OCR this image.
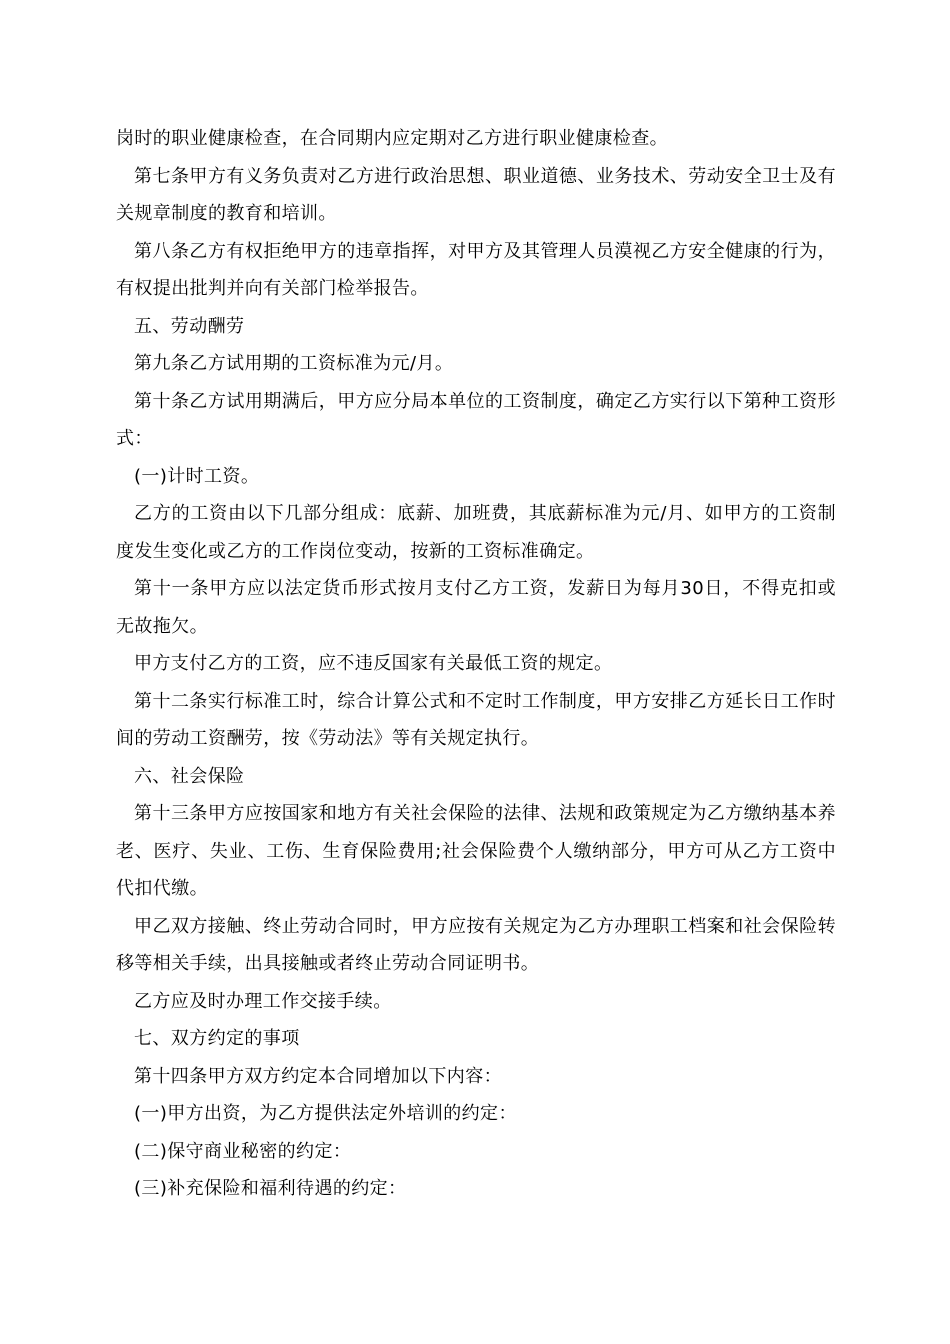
岗时的职业健康检查，在合同期内应定期对乙方进行职业健康检查。

第七条甲方有义务负责对乙方进行政治思想、职业道德、业务技术、劳动安全卫士及有关规章制度的教育和培训。

第八条乙方有权拒绝甲方的违章指挥，对甲方及其管理人员漠视乙方安全健康的行为，有权提出批判并向有关部门检举报告。

五、劳动酬劳

第九条乙方试用期的工资标准为元/月。

第十条乙方试用期满后，甲方应分局本单位的工资制度，确定乙方实行以下第种工资形式：

(一)计时工资。

乙方的工资由以下几部分组成：底薪、加班费，其底薪标准为元/月、如甲方的工资制度发生变化或乙方的工作岗位变动，按新的工资标准确定。

第十一条甲方应以法定货币形式按月支付乙方工资，发薪日为每月30日，不得克扣或无故拖欠。

甲方支付乙方的工资，应不违反国家有关最低工资的规定。

第十二条实行标准工时，综合计算公式和不定时工作制度，甲方安排乙方延长日工作时间的劳动工资酬劳，按《劳动法》等有关规定执行。

六、社会保险

第十三条甲方应按国家和地方有关社会保险的法律、法规和政策规定为乙方缴纳基本养老、医疗、失业、工伤、生育保险费用;社会保险费个人缴纳部分，甲方可从乙方工资中代扣代缴。

甲乙双方接触、终止劳动合同时，甲方应按有关规定为乙方办理职工档案和社会保险转移等相关手续，出具接触或者终止劳动合同证明书。

乙方应及时办理工作交接手续。

七、双方约定的事项

第十四条甲方双方约定本合同增加以下内容：

(一)甲方出资，为乙方提供法定外培训的约定：

(二)保守商业秘密的约定：

(三)补充保险和福利待遇的约定：
